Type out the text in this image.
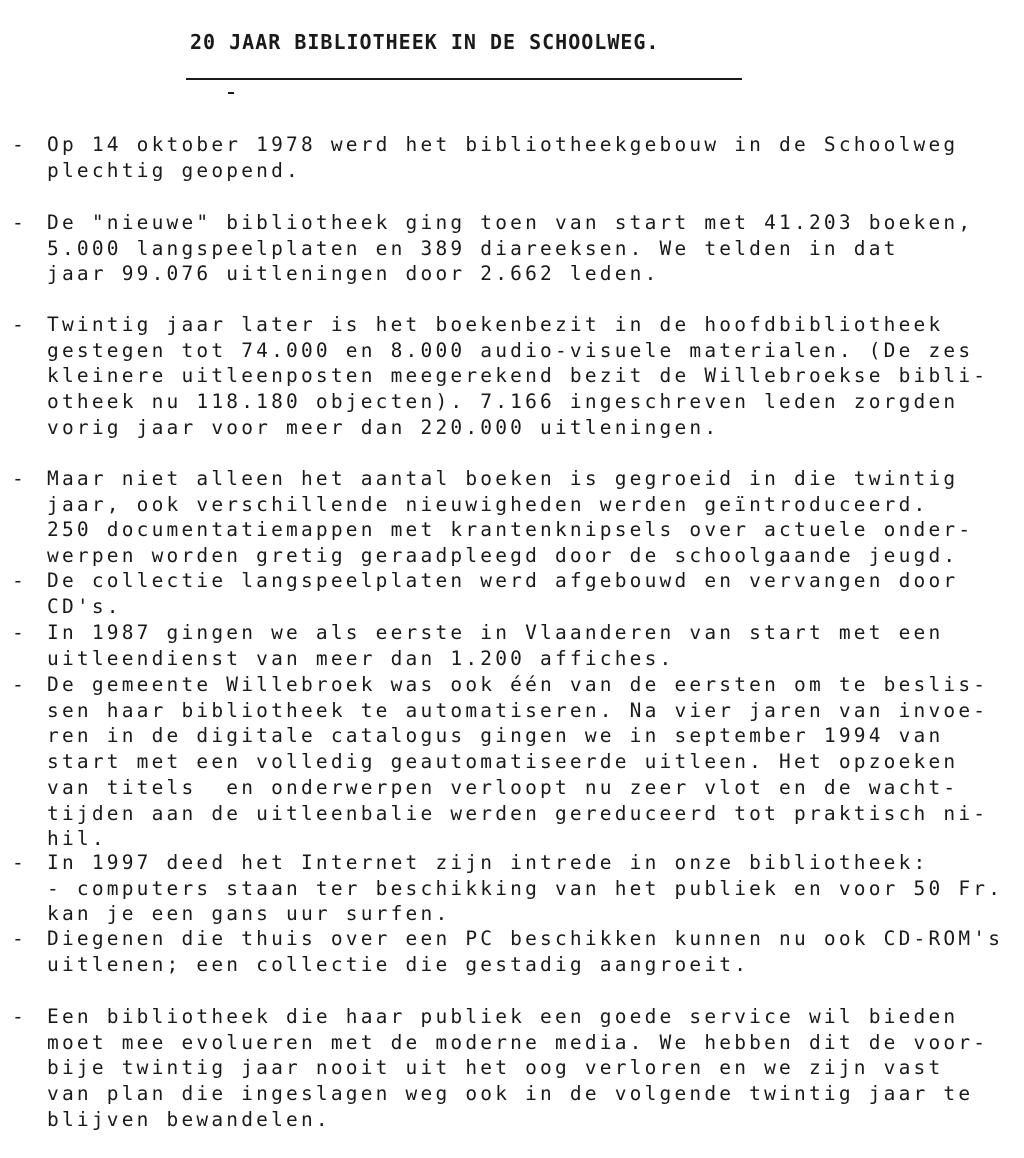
20 JAAR BIBLIOTHEEK IN DE SCHOOLWEG.
- Op 14 oktober 1978 werd het bibliotheekgebouw in de Schoolweg
plechtig geopend.
- De "nieuwe" bibliotheek ging toen van start met 41.203 boeken,
5.000 langspeelplaten en 389 diareeksen. We telden in dat
jaar 99.076 uitleningen door 2.662 leden.
- Twintig jaar later is het boekenbezit in de hoofdbibliotheek
gestegen tot 74.000 en 8.000 audio-visuele materialen. (De zes
kleinere uitleenposten meegerekend bezit de Willebroekse bibli-
otheek nu 118.180 objecten). 7.166 ingeschreven leden zorgden
vorig jaar voor meer dan 220.000 uitleningen.
- Maar niet alleen het aantal boeken is gegroeid in die twintig
jaar, ook verschillende nieuwigheden werden geïntroduceerd.
250 documentatiemappen met krantenknipsels over actuele onder-
werpen worden gretig geraadpleegd door de schoolgaande jeugd.
- De collectie langspeelplaten werd afgebouwd en vervangen door
CD's.
- In 1987 gingen we als eerste in Vlaanderen van start met een
uitleendienst van meer dan 1.200 affiches.
- De gemeente Willebroek was ook één van de eersten om te beslis-
sen haar bibliotheek te automatiseren. Na vier jaren van invoe-
ren in de digitale catalogus gingen we in september 1994 van
start met een volledig geautomatiseerde uitleen. Het opzoeken
van titels  en onderwerpen verloopt nu zeer vlot en de wacht-
tijden aan de uitleenbalie werden gereduceerd tot praktisch ni-
hil.
- In 1997 deed het Internet zijn intrede in onze bibliotheek:
- computers staan ter beschikking van het publiek en voor 50 Fr.
kan je een gans uur surfen.
- Diegenen die thuis over een PC beschikken kunnen nu ook CD-ROM's
uitlenen; een collectie die gestadig aangroeit.
- Een bibliotheek die haar publiek een goede service wil bieden
moet mee evolueren met de moderne media. We hebben dit de voor-
bije twintig jaar nooit uit het oog verloren en we zijn vast
van plan die ingeslagen weg ook in de volgende twintig jaar te
blijven bewandelen.
